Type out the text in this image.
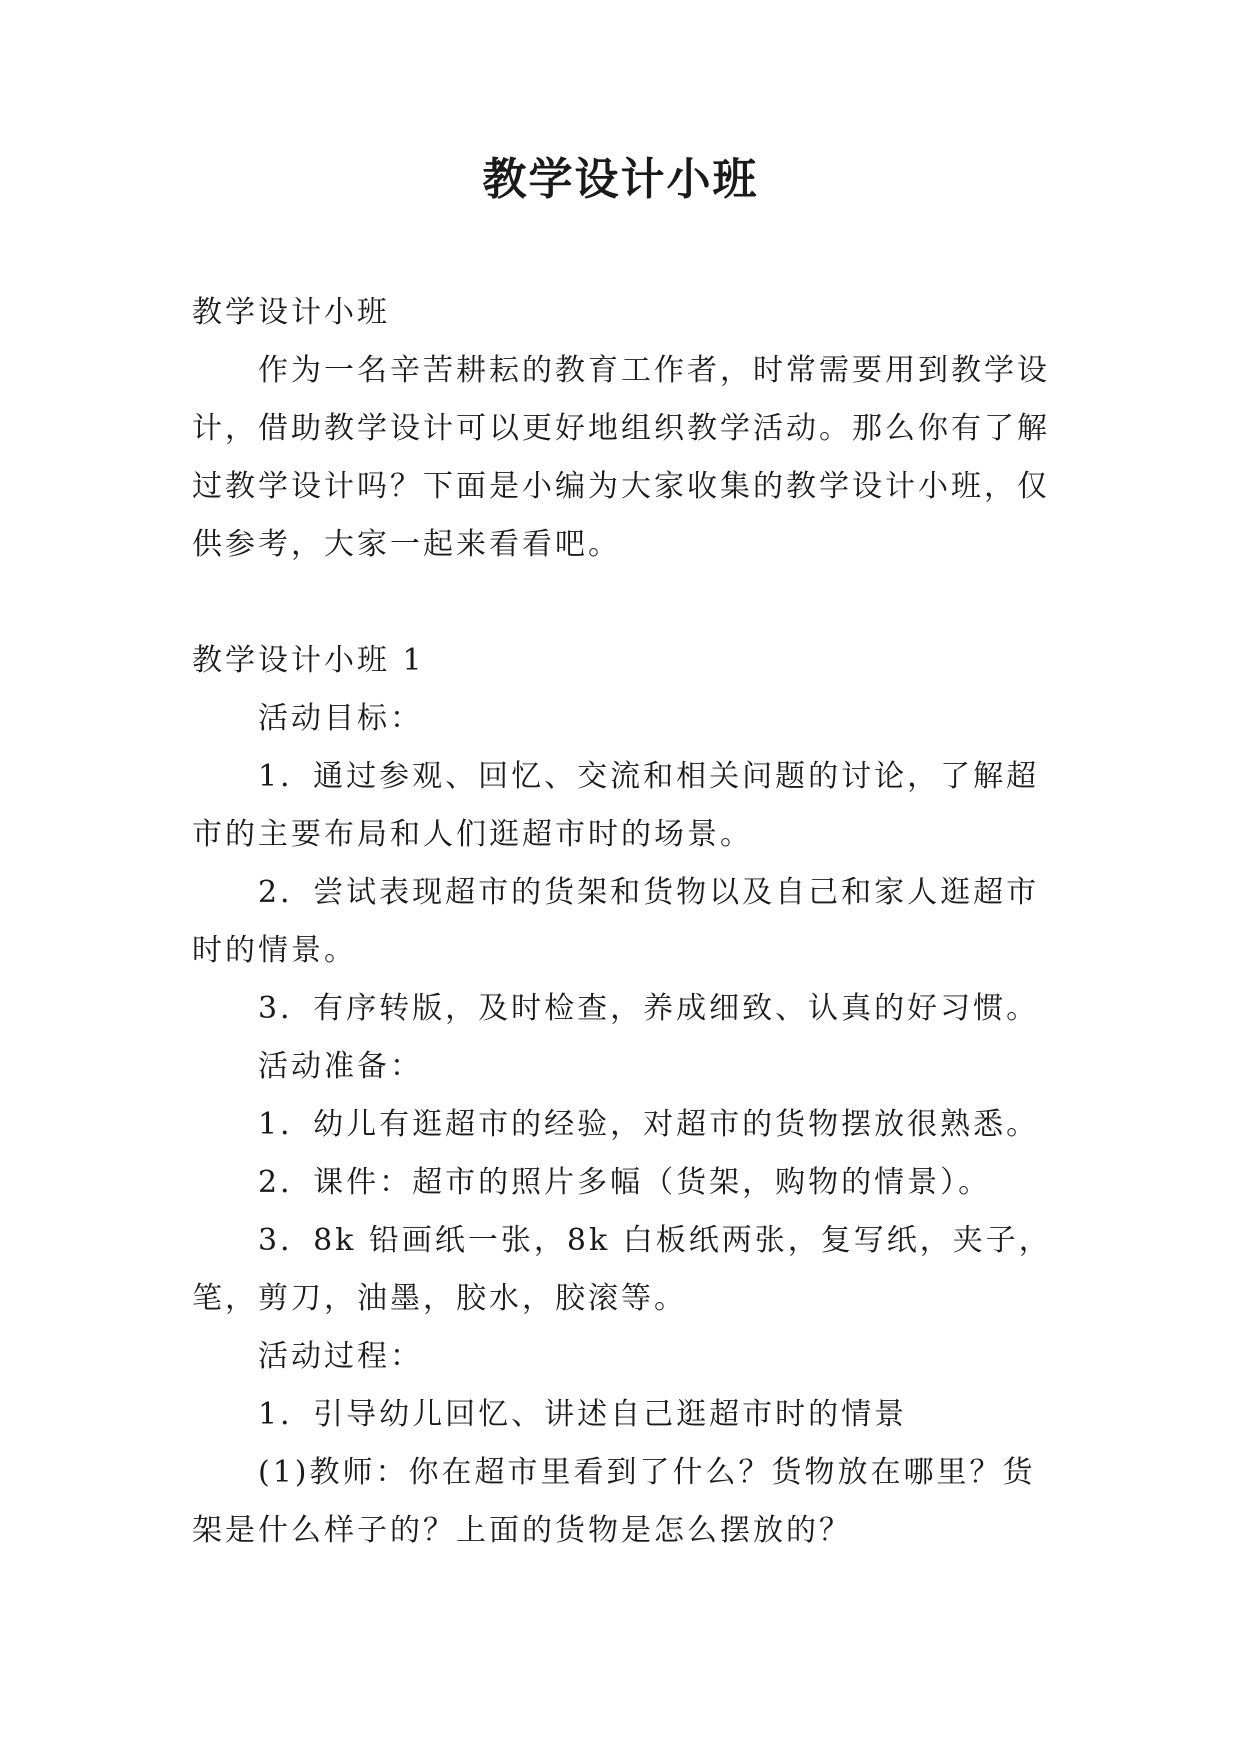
教学设计小班

教学设计小班

作为一名辛苦耕耘的教育工作者，时常需要用到教学设计，借助教学设计可以更好地组织教学活动。那么你有了解过教学设计吗？下面是小编为大家收集的教学设计小班，仅供参考，大家一起来看看吧。

教学设计小班 1

活动目标：

1．通过参观、回忆、交流和相关问题的讨论，了解超市的主要布局和人们逛超市时的场景。

2．尝试表现超市的货架和货物以及自己和家人逛超市时的情景。

3．有序转版，及时检查，养成细致、认真的好习惯。

活动准备：

1．幼儿有逛超市的经验，对超市的货物摆放很熟悉。

2．课件：超市的照片多幅（货架，购物的情景）。

3．8k 铅画纸一张，8k 白板纸两张，复写纸，夹子，笔，剪刀，油墨，胶水，胶滚等。

活动过程：

1．引导幼儿回忆、讲述自己逛超市时的情景

(1)教师：你在超市里看到了什么？货物放在哪里？货架是什么样子的？上面的货物是怎么摆放的？
